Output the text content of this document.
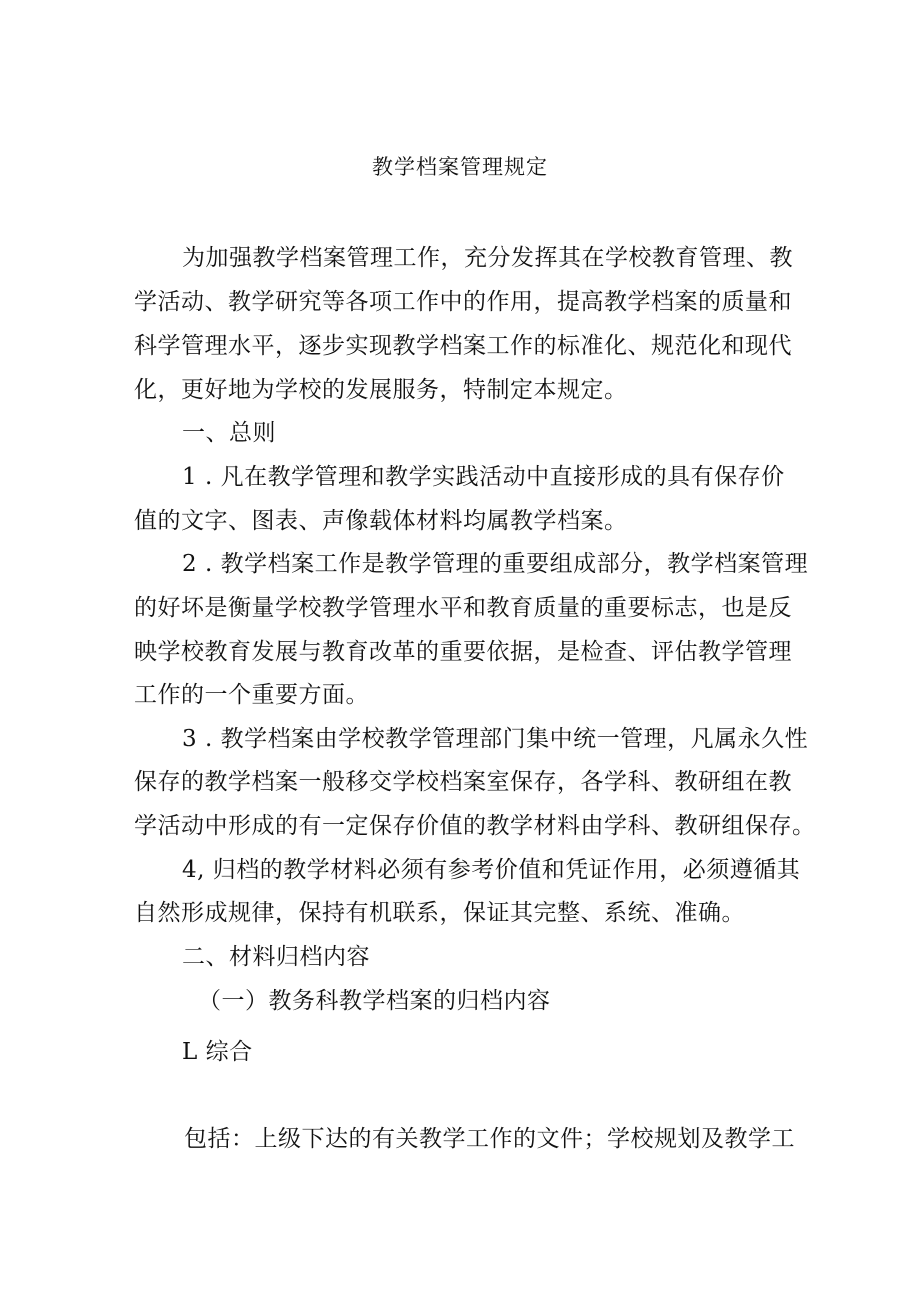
教学档案管理规定
为加强教学档案管理工作，充分发挥其在学校教育管理、教
学活动、教学研究等各项工作中的作用，提高教学档案的质量和
科学管理水平，逐步实现教学档案工作的标准化、规范化和现代
化，更好地为学校的发展服务，特制定本规定。
一、总则
1 . 凡在教学管理和教学实践活动中直接形成的具有保存价
值的文字、图表、声像载体材料均属教学档案。
2 . 教学档案工作是教学管理的重要组成部分，教学档案管理
的好坏是衡量学校教学管理水平和教育质量的重要标志，也是反
映学校教育发展与教育改革的重要依据，是检查、评估教学管理
工作的一个重要方面。
3 . 教学档案由学校教学管理部门集中统一管理，凡属永久性
保存的教学档案一般移交学校档案室保存，各学科、教研组在教
学活动中形成的有一定保存价值的教学材料由学科、教研组保存。
4, 归档的教学材料必须有参考价值和凭证作用，必须遵循其
自然形成规律，保持有机联系，保证其完整、系统、准确。
二、材料归档内容
（一）教务科教学档案的归档内容
L 综合
包括：上级下达的有关教学工作的文件；学校规划及教学工
